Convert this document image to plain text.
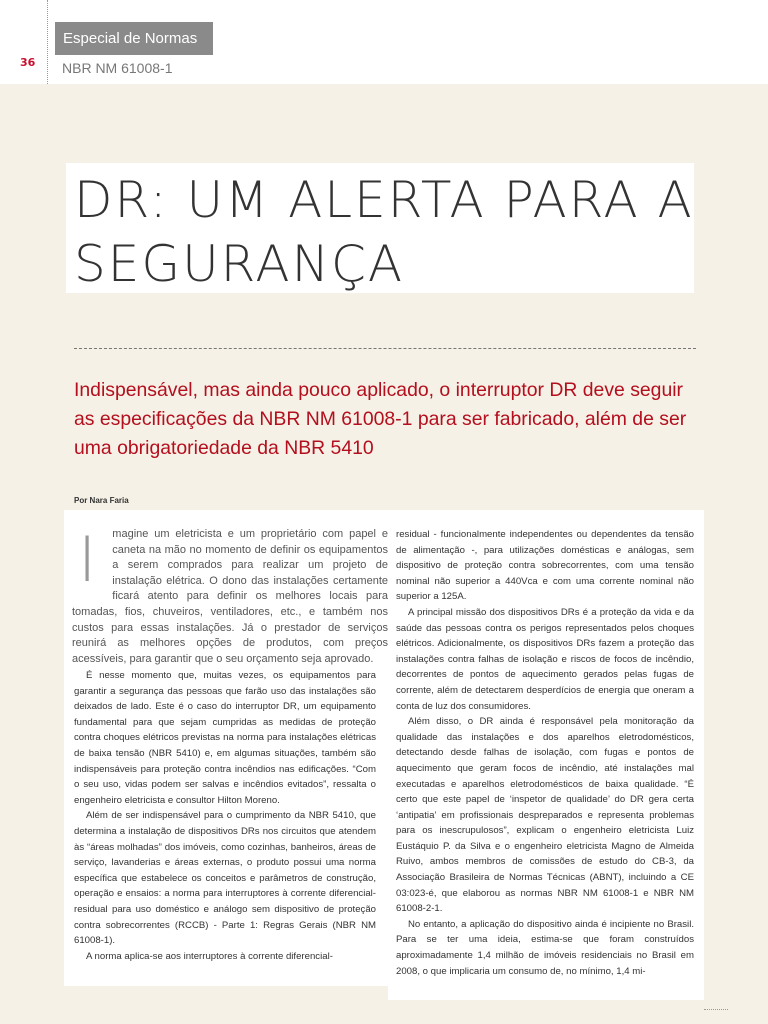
36
Especial de Normas
NBR NM 61008-1
DR: UM ALERTA PARA A SEGURANÇA

Indispensável, mas ainda pouco aplicado, o interruptor DR deve seguir as especificações da NBR NM 61008-1 para ser fabricado, além de ser uma obrigatoriedade da NBR 5410

Por Nara Faria
I magine um eletricista e um proprietário com papel e caneta na mão no momento de definir os equipamentos a serem comprados para realizar um projeto de instalação elétrica. O dono das instalações certamente ficará atento para definir os melhores locais para tomadas, fios, chuveiros, ventiladores, etc., e também nos custos para essas instalações. Já o prestador de serviços reunirá as melhores opções de produtos, com preços acessíveis, para garantir que o seu orçamento seja aprovado.

É nesse momento que, muitas vezes, os equipamentos para garantir a segurança das pessoas que farão uso das instalações são deixados de lado. Este é o caso do interruptor DR, um equipamento fundamental para que sejam cumpridas as medidas de proteção contra choques elétricos previstas na norma para instalações elétricas de baixa tensão (NBR 5410) e, em algumas situações, também são indispensáveis para proteção contra incêndios nas edificações. “Com o seu uso, vidas podem ser salvas e incêndios evitados”, ressalta o engenheiro eletricista e consultor Hilton Moreno.

Além de ser indispensável para o cumprimento da NBR 5410, que determina a instalação de dispositivos DRs nos circuitos que atendem às “áreas molhadas” dos imóveis, como cozinhas, banheiros, áreas de serviço, lavanderias e áreas externas, o produto possui uma norma específica que estabelece os conceitos e parâmetros de construção, operação e ensaios: a norma para interruptores à corrente diferencial-residual para uso doméstico e análogo sem dispositivo de proteção contra sobrecorrentes (RCCB) - Parte 1: Regras Gerais (NBR NM 61008-1).

A norma aplica-se aos interruptores à corrente diferencial-

residual - funcionalmente independentes ou dependentes da tensão de alimentação -, para utilizações domésticas e análogas, sem dispositivo de proteção contra sobrecorrentes, com uma tensão nominal não superior a 440Vca e com uma corrente nominal não superior a 125A.

A principal missão dos dispositivos DRs é a proteção da vida e da saúde das pessoas contra os perigos representados pelos choques elétricos. Adicionalmente, os dispositivos DRs fazem a proteção das instalações contra falhas de isolação e riscos de focos de incêndio, decorrentes de pontos de aquecimento gerados pelas fugas de corrente, além de detectarem desperdícios de energia que oneram a conta de luz dos consumidores.

Além disso, o DR ainda é responsável pela monitoração da qualidade das instalações e dos aparelhos eletrodomésticos, detectando desde falhas de isolação, com fugas e pontos de aquecimento que geram focos de incêndio, até instalações mal executadas e aparelhos eletrodomésticos de baixa qualidade. “É certo que este papel de ‘inspetor de qualidade’ do DR gera certa ‘antipatia’ em profissionais despreparados e representa problemas para os inescrupulosos”, explicam o engenheiro eletricista Luiz Eustáquio P. da Silva e o engenheiro eletricista Magno de Almeida Ruivo, ambos membros de comissões de estudo do CB-3, da Associação Brasileira de Normas Técnicas (ABNT), incluindo a CE 03:023-é, que elaborou as normas NBR NM 61008-1 e NBR NM 61008-2-1.

No entanto, a aplicação do dispositivo ainda é incipiente no Brasil. Para se ter uma ideia, estima-se que foram construídos aproximadamente 1,4 milhão de imóveis residenciais no Brasil em 2008, o que implicaria um consumo de, no mínimo, 1,4 mi-
